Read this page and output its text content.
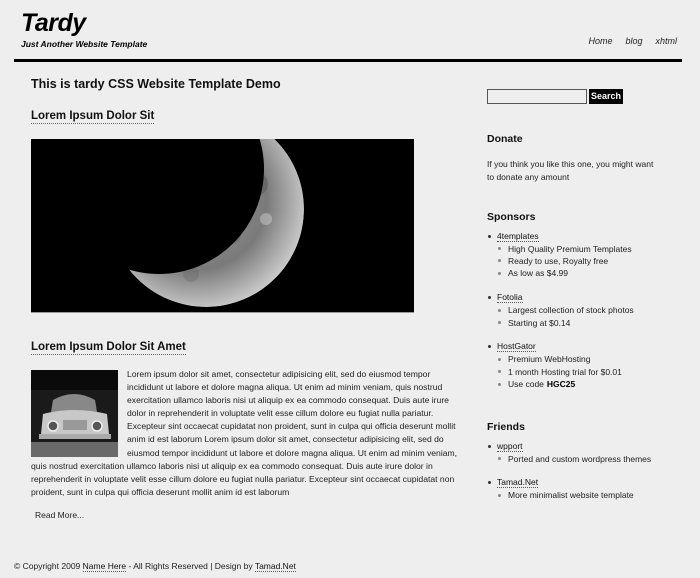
Tardy
Just Another Website Template	Home blog xhtml
This is tardy CSS Website Template Demo
Lorem Ipsum Dolor Sit
Lorem Ipsum Dolor Sit Amet
Lorem ipsum dolor sit amet, consectetur adipisicing elit, sed do eiusmod tempor incididunt ut labore et dolore magna aliqua. Ut enim ad minim veniam, quis nostrud exercitation ullamco laboris nisi ut aliquip ex ea commodo consequat. Duis aute irure dolor in reprehenderit in voluptate velit esse cillum dolore eu fugiat nulla pariatur. Excepteur sint occaecat cupidatat non proident, sunt in culpa qui officia deserunt mollit anim id est laborum Lorem ipsum dolor sit amet, consectetur adipisicing elit, sed do eiusmod tempor incididunt ut labore et dolore magna aliqua. Ut enim ad minim veniam, quis nostrud exercitation ullamco laboris nisi ut aliquip ex ea commodo consequat. Duis aute irure dolor in reprehenderit in voluptate velit esse cillum dolore eu fugiat nulla pariatur. Excepteur sint occaecat cupidatat non proident, sunt in culpa qui officia deserunt mollit anim id est laborum
Read More...
Search
Donate

If you think you like this one, you might want to donate any amount

Sponsors
4templates
High Quality Premium Templates
Ready to use, Royalty free
As low as $4.99
Fotolia
Largest collection of stock photos
Starting at $0.14
HostGator
Premium WebHosting
1 month Hosting trial for $0.01
Use code HGC25
Friends
wpport
Ported and custom wordpress themes
Tamad.Net
More minimalist website template
© Copyright 2009 Name Here - All Rights Reserved | Design by Tamad.Net
